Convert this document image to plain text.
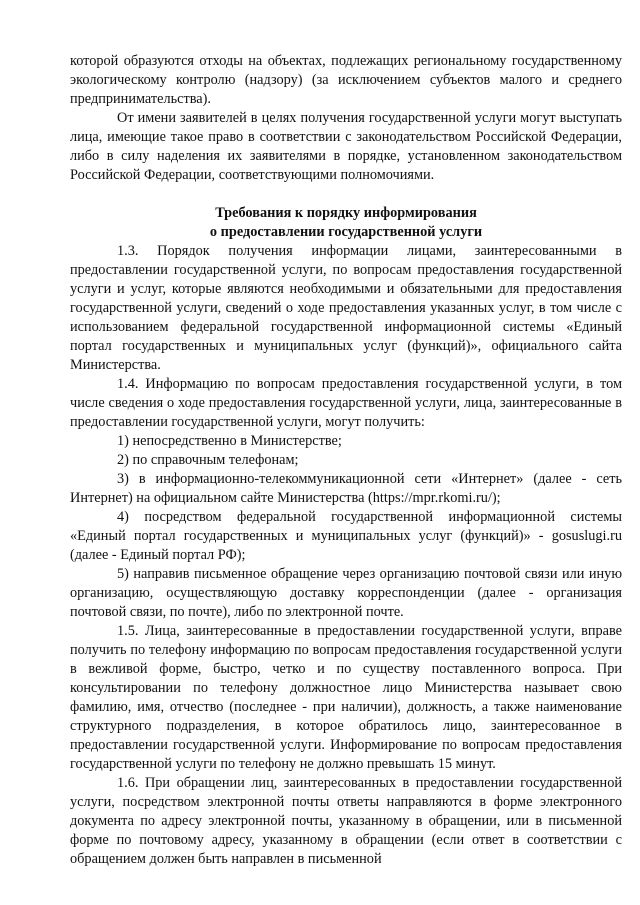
которой образуются отходы на объектах, подлежащих региональному государственному экологическому контролю (надзору) (за исключением субъектов малого и среднего предпринимательства).

От имени заявителей в целях получения государственной услуги могут выступать лица, имеющие такое право в соответствии с законодательством Российской Федерации, либо в силу наделения их заявителями в порядке, установленном законодательством Российской Федерации, соответствующими полномочиями.

Требования к порядку информирования
о предоставлении государственной услуги

1.3. Порядок получения информации лицами, заинтересованными в предоставлении государственной услуги, по вопросам предоставления государственной услуги и услуг, которые являются необходимыми и обязательными для предоставления государственной услуги, сведений о ходе предоставления указанных услуг, в том числе с использованием федеральной государственной информационной системы «Единый портал государственных и муниципальных услуг (функций)», официального сайта Министерства.

1.4. Информацию по вопросам предоставления государственной услуги, в том числе сведения о ходе предоставления государственной услуги, лица, заинтересованные в предоставлении государственной услуги, могут получить:

1) непосредственно в Министерстве;

2) по справочным телефонам;

3) в информационно-телекоммуникационной сети «Интернет» (далее - сеть Интернет) на официальном сайте Министерства (https://mpr.rkomi.ru/);

4) посредством федеральной государственной информационной системы «Единый портал государственных и муниципальных услуг (функций)» - gosuslugi.ru (далее - Единый портал РФ);

5) направив письменное обращение через организацию почтовой связи или иную организацию, осуществляющую доставку корреспонденции (далее - организация почтовой связи, по почте), либо по электронной почте.

1.5. Лица, заинтересованные в предоставлении государственной услуги, вправе получить по телефону информацию по вопросам предоставления государственной услуги в вежливой форме, быстро, четко и по существу поставленного вопроса. При консультировании по телефону должностное лицо Министерства называет свою фамилию, имя, отчество (последнее - при наличии), должность, а также наименование структурного подразделения, в которое обратилось лицо, заинтересованное в предоставлении государственной услуги. Информирование по вопросам предоставления государственной услуги по телефону не должно превышать 15 минут.

1.6. При обращении лиц, заинтересованных в предоставлении государственной услуги, посредством электронной почты ответы направляются в форме электронного документа по адресу электронной почты, указанному в обращении, или в письменной форме по почтовому адресу, указанному в обращении (если ответ в соответствии с обращением должен быть направлен в письменной
